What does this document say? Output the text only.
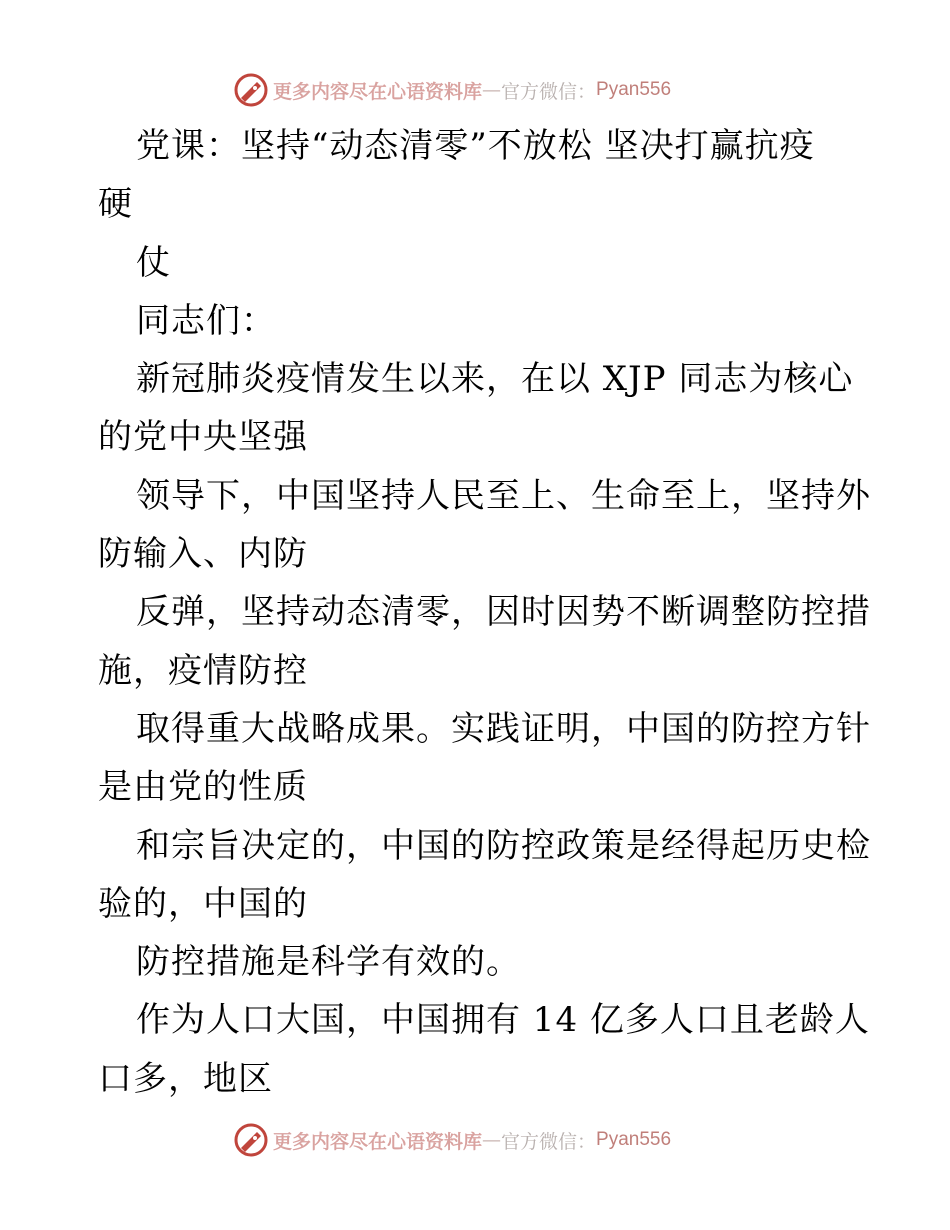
更多内容尽在心语资料库 — 官方微信： Pyan556
党课：坚持“动态清零”不放松 坚决打赢抗疫
硬
仗
同志们：
新冠肺炎疫情发生以来，在以 XJP 同志为核心
的党中央坚强
领导下，中国坚持人民至上、生命至上，坚持外
防输入、内防
反弹，坚持动态清零，因时因势不断调整防控措
施，疫情防控
取得重大战略成果。实践证明，中国的防控方针
是由党的性质
和宗旨决定的，中国的防控政策是经得起历史检
验的，中国的
防控措施是科学有效的。
作为人口大国，中国拥有 14 亿多人口且老龄人
口多，地区
更多内容尽在心语资料库 — 官方微信： Pyan556
